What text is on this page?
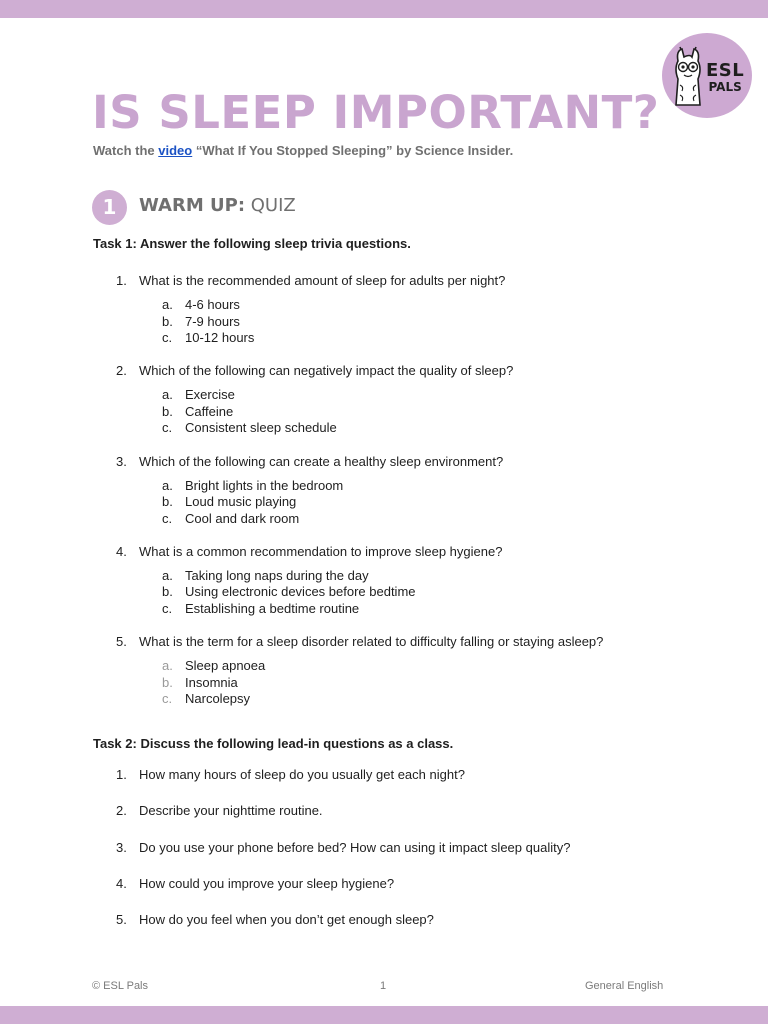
ESL
PALS
IS SLEEP IMPORTANT?
Watch the video “What If You Stopped Sleeping” by Science Insider.
1	WARM UP: QUIZ
Task 1: Answer the following sleep trivia questions.
1. What is the recommended amount of sleep for adults per night?
a. 4-6 hours
b. 7-9 hours
c. 10-12 hours
2. Which of the following can negatively impact the quality of sleep?
a. Exercise
b. Caffeine
c. Consistent sleep schedule
3. Which of the following can create a healthy sleep environment?
a. Bright lights in the bedroom
b. Loud music playing
c. Cool and dark room
4. What is a common recommendation to improve sleep hygiene?
a. Taking long naps during the day
b. Using electronic devices before bedtime
c. Establishing a bedtime routine
5. What is the term for a sleep disorder related to difficulty falling or staying asleep?
a. Sleep apnoea
b. Insomnia
c. Narcolepsy
Task 2: Discuss the following lead-in questions as a class.
1. How many hours of sleep do you usually get each night?
2. Describe your nighttime routine.
3. Do you use your phone before bed? How can using it impact sleep quality?
4. How could you improve your sleep hygiene?
5. How do you feel when you don’t get enough sleep?
© ESL Pals	1	General English
